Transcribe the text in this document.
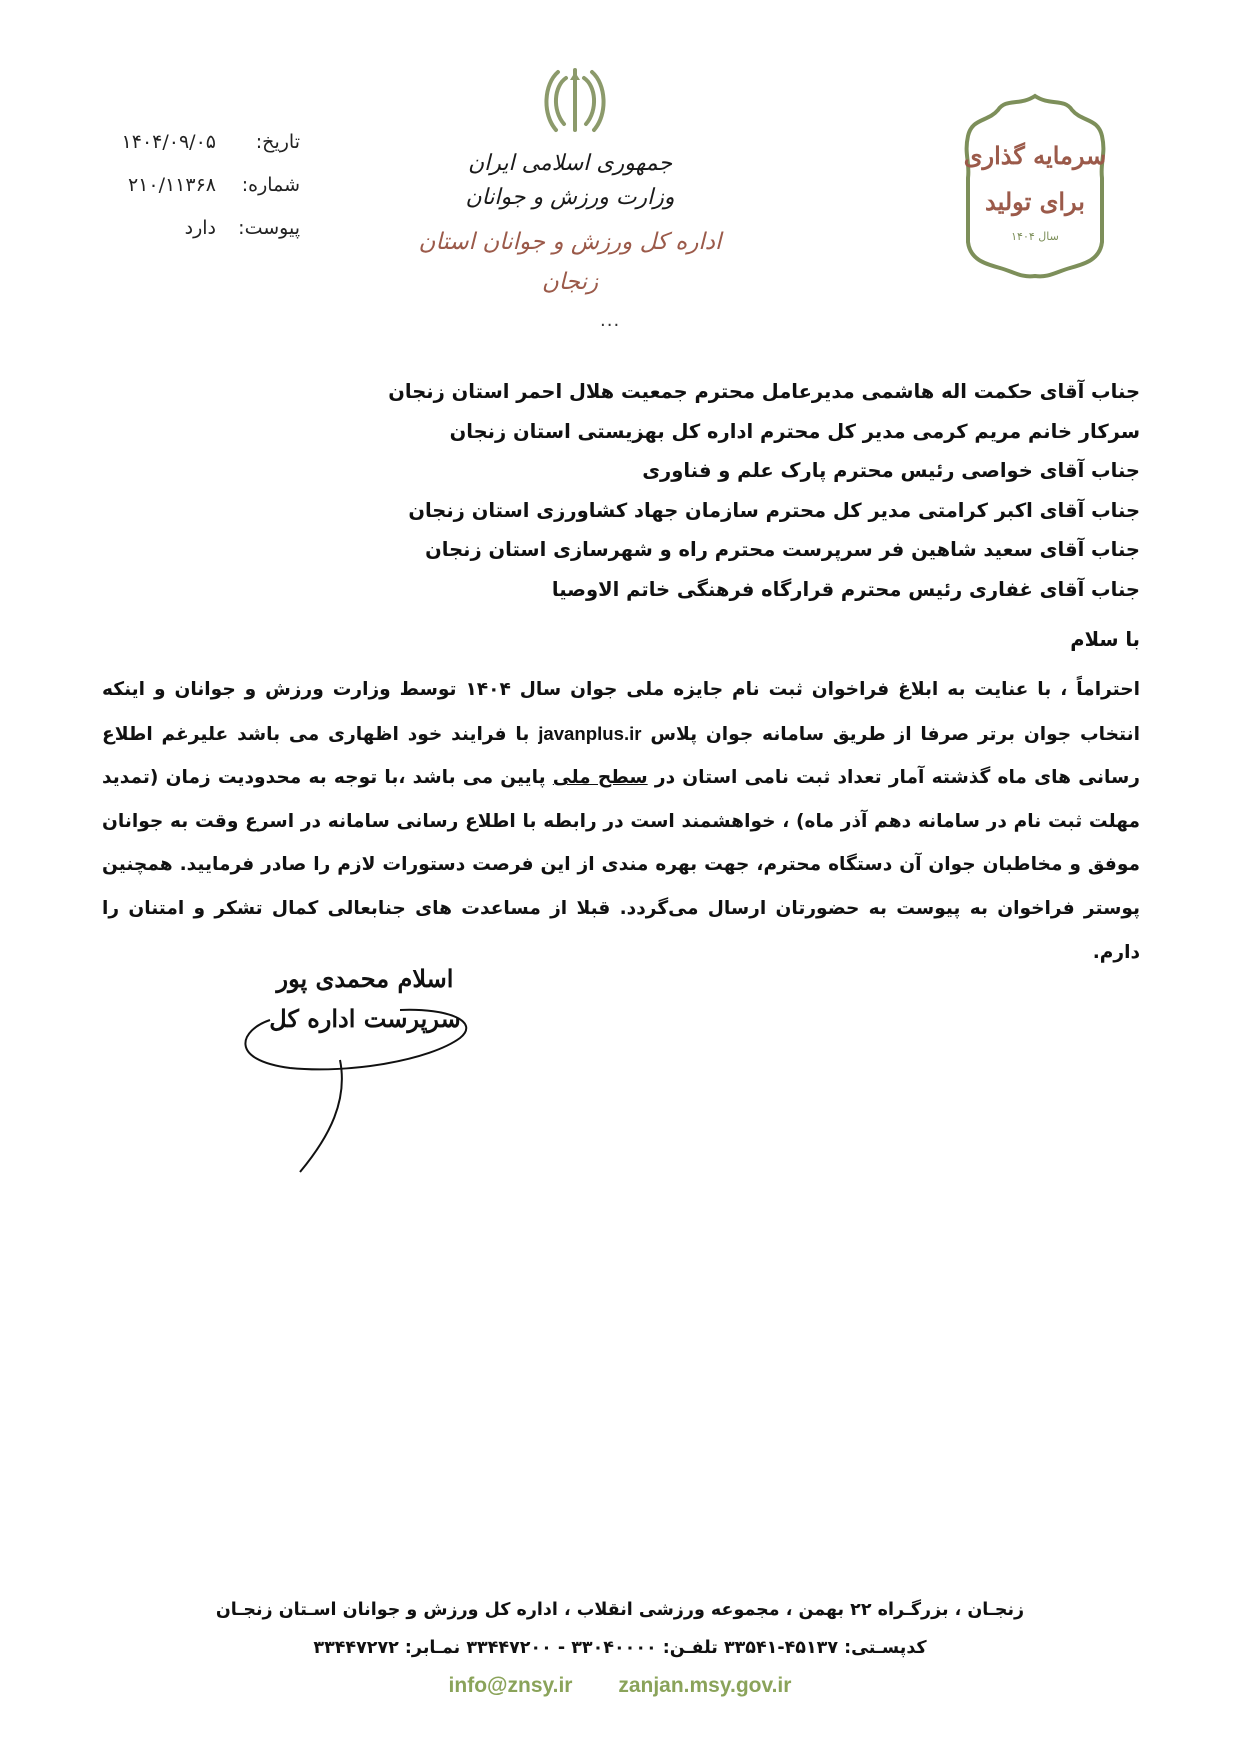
تاریخ:
۱۴۰۴/۰۹/۰۵
شماره:
۲۱۰/۱۱۳۶۸
پیوست:
دارد
جمهوری اسلامی ایران
وزارت ورزش و جوانان
اداره کل ورزش و جوانان استان زنجان
سرمایه گذاری
برای تولید
سال ۱۴۰۴
...
جناب آقای حکمت اله هاشمی مدیرعامل محترم جمعیت هلال احمر استان زنجان
سرکار خانم مریم کرمی مدیر کل محترم اداره کل بهزیستی استان زنجان
جناب آقای خواصی رئیس محترم پارک علم و فناوری
جناب آقای اکبر کرامتی مدیر کل محترم سازمان جهاد کشاورزی استان زنجان
جناب آقای سعید شاهین فر سرپرست محترم راه و شهرسازی استان زنجان
جناب آقای غفاری رئیس محترم قرارگاه فرهنگی خاتم الاوصیا
با سلام
احتراماً ، با عنایت به ابلاغ فراخوان ثبت نام جایزه ملی جوان سال ۱۴۰۴ توسط وزارت ورزش و جوانان و اینکه انتخاب جوان برتر صرفا از طریق سامانه جوان پلاس javanplus.ir با فرایند خود اظهاری می باشد علیرغم اطلاع رسانی های ماه گذشته آمار تعداد ثبت نامی استان در سطح ملی پایین می باشد ،با توجه به محدودیت زمان (تمدید مهلت ثبت نام در سامانه دهم آذر ماه) ، خواهشمند است در رابطه با اطلاع رسانی سامانه در اسرع وقت به جوانان موفق و مخاطبان جوان آن دستگاه محترم، جهت بهره مندی از این فرصت دستورات لازم را صادر فرمایید. همچنین پوستر فراخوان به پیوست به حضورتان ارسال می‌گردد. قبلا از مساعدت های جنابعالی کمال تشکر و امتنان را دارم.
اسلام محمدی پور
سرپرست اداره کل
زنجـان ، بزرگـراه ۲۲ بهمن ، مجموعه ورزشی انقلاب ، اداره کل ورزش و جوانان اسـتان زنجـان
کدپسـتی: ۴۵۱۳۷-۳۳۵۴۱ تلفـن: ۳۳۰۴۰۰۰۰ - ۳۳۴۴۷۲۰۰ نمـابر: ۳۳۴۴۷۲۷۲
info@znsy.ir zanjan.msy.gov.ir
